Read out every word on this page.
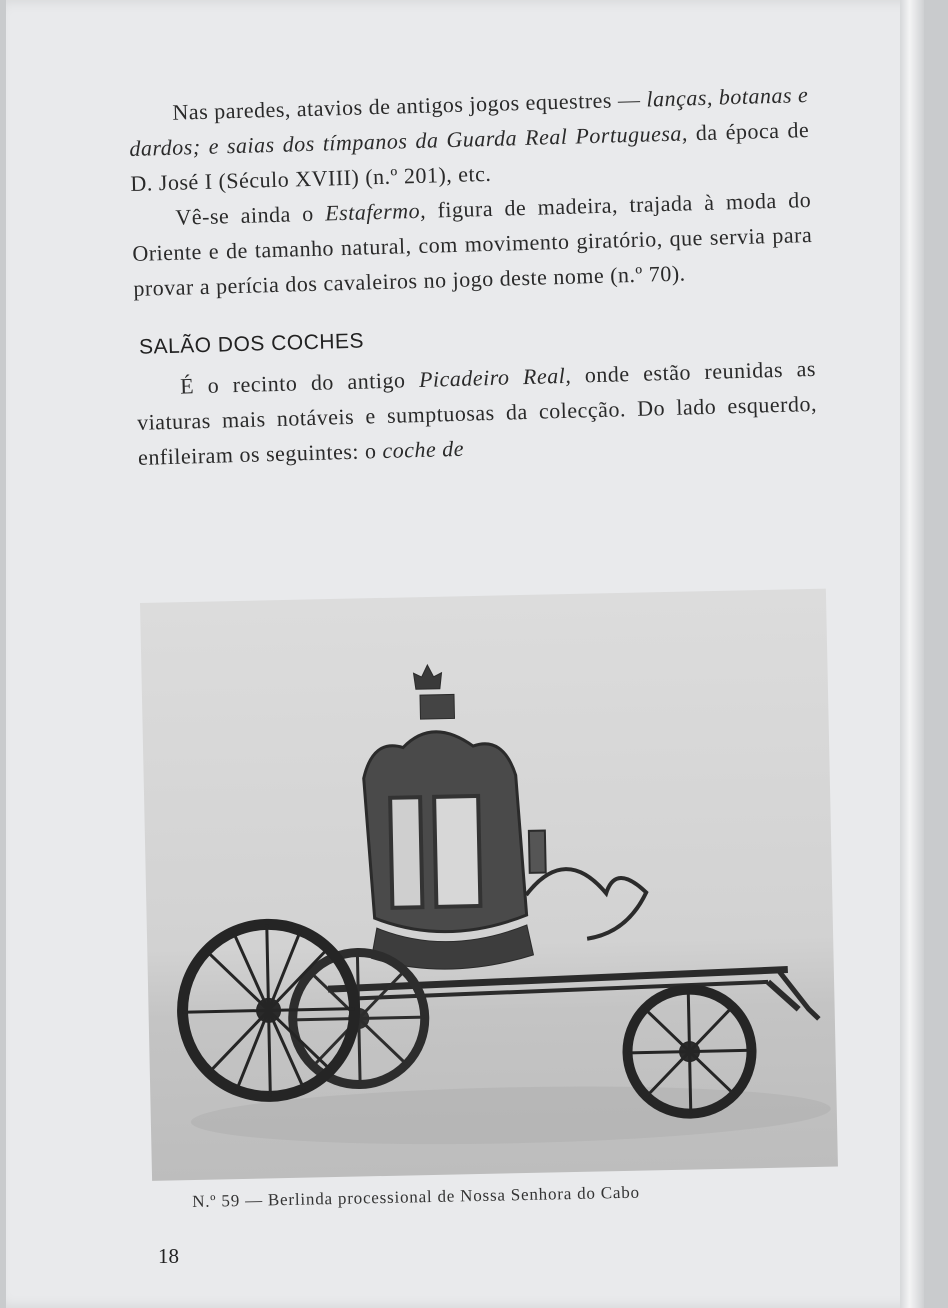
Nas paredes, atavios de antigos jogos equestres — lanças, botanas e dardos; e saias dos tímpanos da Guarda Real Portuguesa, da época de D. José I (Século XVIII) (n.º 201), etc.

Vê-se ainda o Estafermo, figura de madeira, trajada à moda do Oriente e de tamanho natural, com movimento giratório, que servia para provar a perícia dos cavaleiros no jogo deste nome (n.º 70).

SALÃO DOS COCHES

É o recinto do antigo Picadeiro Real, onde estão reunidas as viaturas mais notáveis e sumptuosas da colecção. Do lado esquerdo, enfileiram os seguintes: o coche de

N.º 59 — Berlinda processional de Nossa Senhora do Cabo
18
